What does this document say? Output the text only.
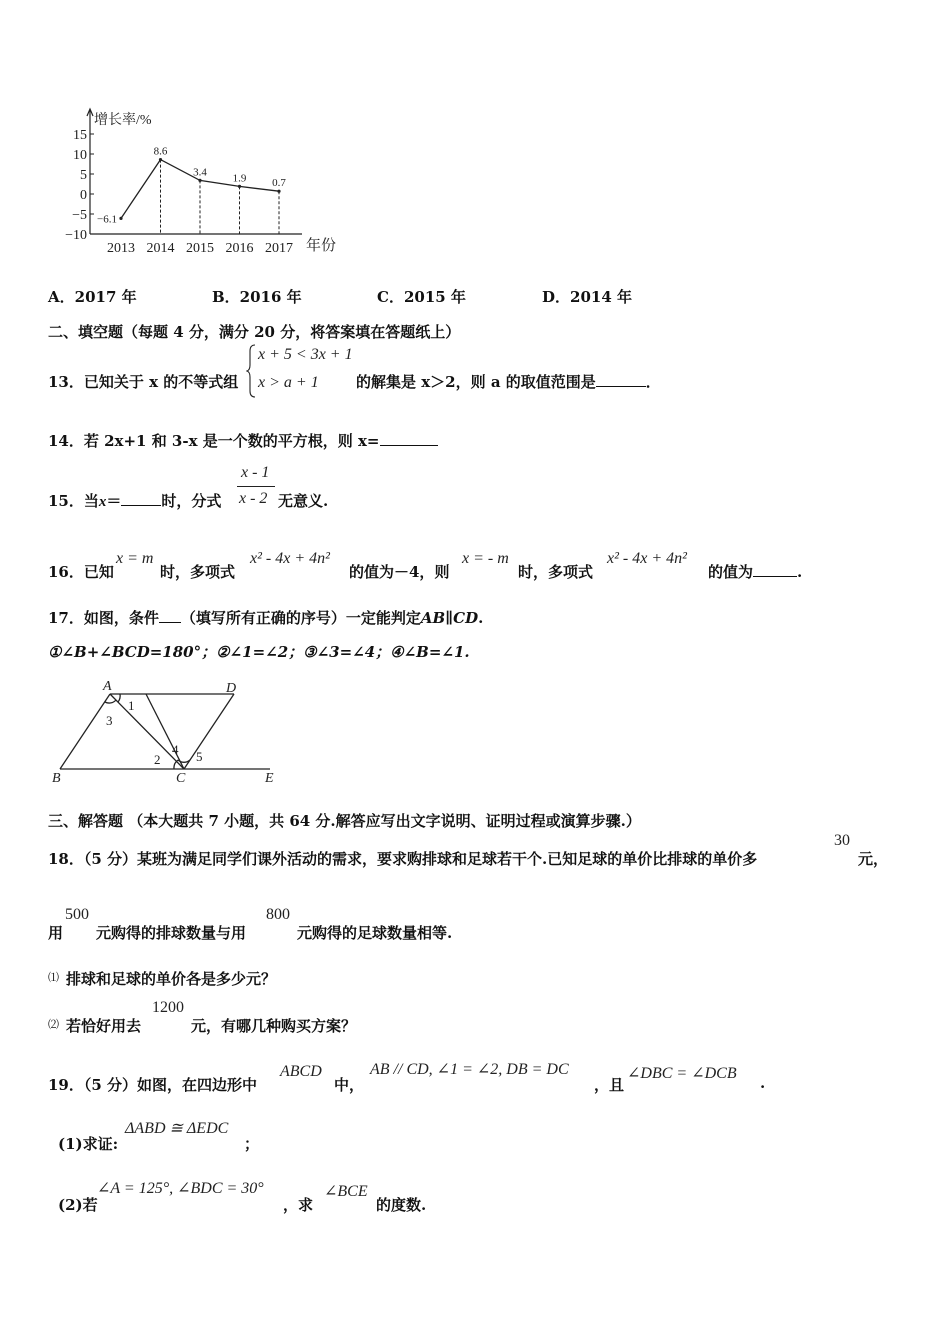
增长率/%
15
10
5
0
−5
−10
2013 2014 2015 2016 2017 年份
−6.1
8.6
3.4 1.9 0.7
A．2017 年	B．2016 年	C．2015 年	D．2014 年
二、填空题（每题 4 分，满分 20 分，将答案填在答题纸上）
13．已知关于 x 的不等式组
x + 5 < 3x + 1
x > a + 1 的解集是 x＞2，则 a 的取值范围是	．
14．若 2x+1 和 3-x 是一个数的平方根，则 x=
15．当x＝	时，分式
x - 1
x - 2 无意义.
16．已知
x = m
时，多项式
x² - 4x + 4n²
的值为－4，则
x = - m
时，多项式
x² - 4x + 4n²
的值为	.
17．如图，条件 （填写所有正确的序号）一定能判定AB∥CD.
①∠B+∠BCD=180°；②∠1=∠2；③∠3=∠4；④∠B=∠1.
A	D
B	C	E
1
3
4
2	5
三、解答题 （本大题共 7 小题，共 64 分.解答应写出文字说明、证明过程或演算步骤.）
18．（5 分）某班为满足同学们课外活动的需求，要求购排球和足球若干个.已知足球的单价比排球的单价多
30
元，
用
500
元购得的排球数量与用
800
元购得的足球数量相等.
⑴ 排球和足球的单价各是多少元？
⑵ 若恰好用去
1200
元，有哪几种购买方案？
19．（5 分）如图，在四边形中
ABCD
中，
AB // CD, ∠1 = ∠2, DB = DC
，且
∠DBC = ∠DCB
.
(1)求证:
ΔABD ≅ ΔEDC
；
(2)若
∠A = 125°, ∠BDC = 30°
，求
∠BCE
的度数.
